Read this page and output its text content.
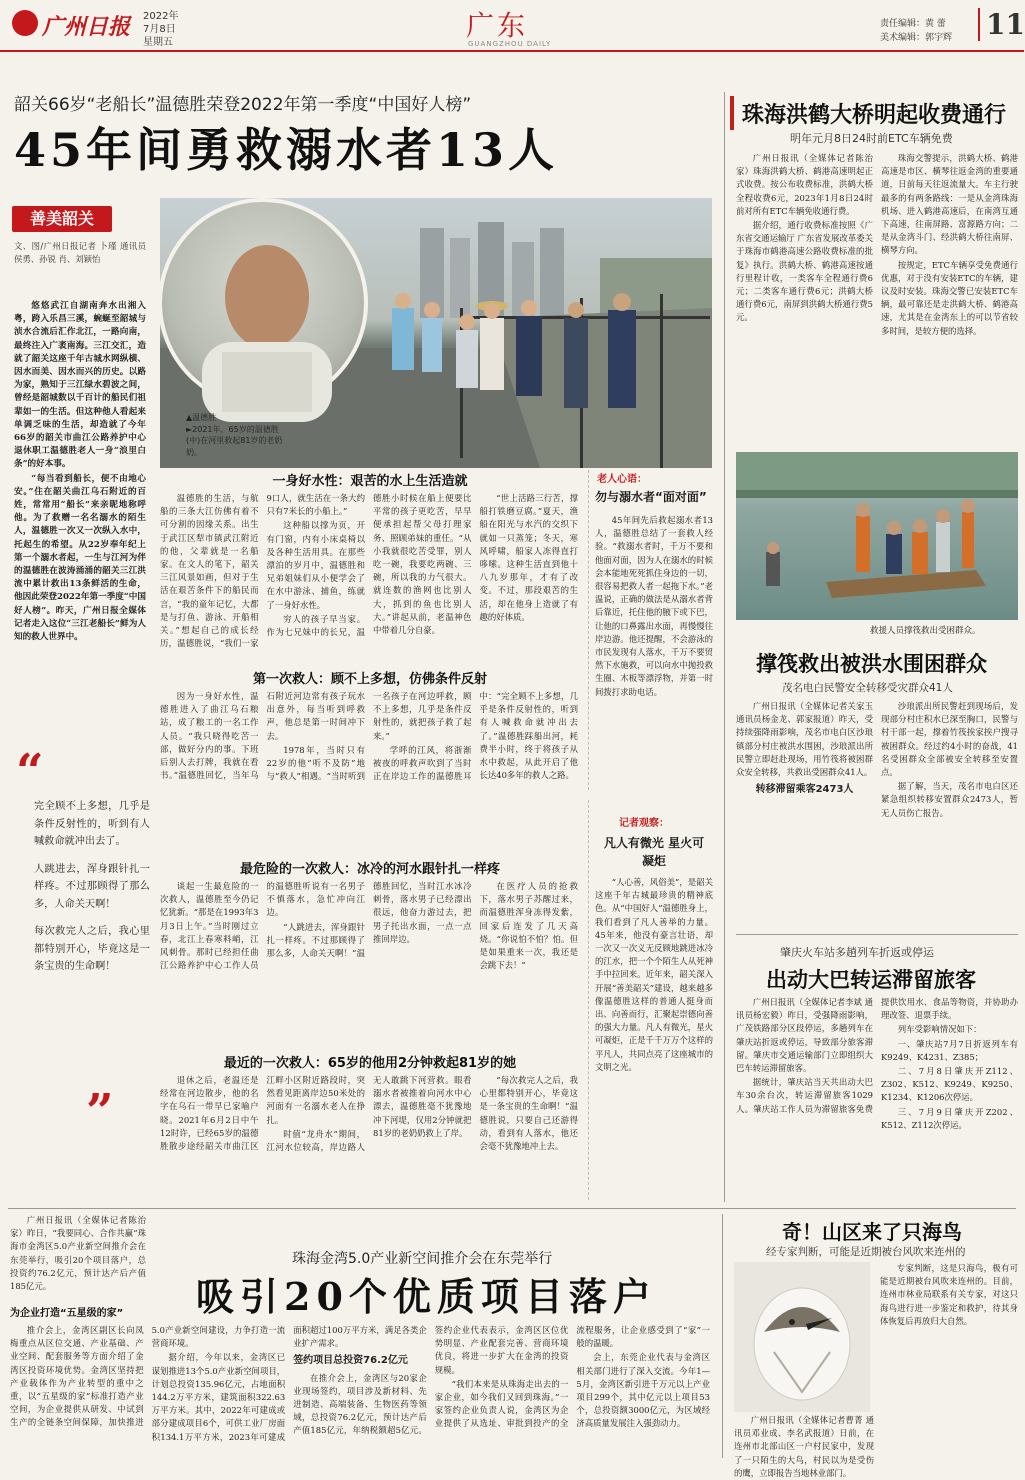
广州日报 2022年
7月8日
星期五
广东
GUANGZHOU DAILY
责任编辑：黄 蕾
美术编辑：郭宇辉 11
韶关66岁“老船长”温德胜荣登2022年第一季度“中国好人榜”
45年间勇救溺水者13人
善美韶关
文、图/广州日报记者 卜瑾 通讯员侯勇、孙锐 肖、刘颖怡

悠悠武江自湖南奔水出湘入粤，跨入乐昌三溪，蜿蜒至韶城与浈水合流后汇作北江，一路向南，最终注入广袤南海。三江交汇，造就了韶关这座千年古城水网纵横、因水而美、因水而兴的历史。以路为家，熟知于三江绿水碧波之间，曾经是韶城数以千百计的船民们祖辈如一的生活。但这种他人看起来单调乏味的生活，却造就了今年66岁的韶关市曲江公路养护中心退休职工温德胜老人一身“浪里白条”的好本事。

“每当看到船长，便不由地心安。”住在韶关曲江乌石附近的百姓，常常用“船长”来亲昵地称呼他。为了救赠一名名溺水的陌生人，温德胜一次又一次纵入水中，托起生的希望。从22岁奉年纪上第一个溺水者起，一生与江河为伴的温德胜在波涛涌涌的韶关三江洪流中累计救出13条鲜活的生命，他因此荣登2022年第一季度“中国好人榜”。昨天，广州日报全媒体记者走入这位“三江老船长”鲜为人知的救人世界中。

“

完全顾不上多想，几乎是条件反射性的，听到有人喊救命就冲出去了。

人跳进去，浑身跟针扎一样疼。不过那顾得了那么多，人命关天啊！

每次救完人之后，我心里都特别开心，毕竟这是一条宝贵的生命啊！

”
▲温德胜
►2021年，65岁的温德胜(中)在河里救起81岁的老奶奶。
一身好水性：艰苦的水上生活造就

温德胜的生活，与航船的三条大江仿佛有着不可分割的因缘关系。出生于武江区犁市镇武江附近的他，父辈就是一名船家。在文人的笔下，韶关三江风景如画，但对于生活在艰苦条件下的船民而言，“我的童年记忆，大都是与打鱼、游泳、开船相关。”想起自己的成长经历，温德胜说，“我们一家9口人，就生活在一条大约只有7米长的小船上。”

这种船以撑为页，开有门窗，内有小床桌椅以及各种生活用具。在那些漂泊的岁月中，温德胜和兄弟姐妹们从小便学会了在水中游泳、捕鱼，练就了一身好水性。

穷人的孩子早当家。作为七兄妹中的长兄，温德胜小时候在船上便要比平常的孩子更吃苦，早早便承担起帮父母打理家务、照顾弟妹的重任。“从小我就很吃苦受罪，别人吃一碗，我要吃两碗、三碗，所以我的力气很大。就连数的渔网也比别人大，抓到的鱼也比别人大。”讲起从前，老温神色中带着几分自豪。

“世上活路三行苦，撑船打铁磨豆腐。”夏天，渔船在阳光与水汽的交织下就如一只蒸笼；冬天，寒风呼啸，船家人冻得直打哆嗦。这种生活直到他十八九岁那年，才有了改变。不过，那段艰苦的生活，却在他身上造就了有趣的好体质。

老人心语：
勿与溺水者“面对面”
45年间先后救起溺水者13人，温德胜总结了一套救人经验。“救溺水者时，千万不要和他面对面，因为人在溺水的时候会本能地死死抓住身边的一切，很容易把救人者一起拖下水。”老温说，正确的做法是从溺水者背后靠近，托住他的腋下或下巴，让他的口鼻露出水面，再慢慢往岸边游。他还提醒，不会游泳的市民发现有人落水，千万不要贸然下水施救，可以向水中抛投救生圈、木板等漂浮物，并第一时间拨打求助电话。
第一次救人：顾不上多想，仿佛条件反射

因为一身好水性，温德胜进入了曲江乌石粮站，成了粮工的一名工作人员。“我只晓得吃苦一部，做好分内的事。下班后别人去打牌，我就在看书。”温德胜回忆，当年乌石附近河边常有孩子玩水出意外，每当听到呼救声，他总是第一时间冲下去。

1978年，当时只有22岁的他“听不及防”地与“救人”相遇。“当时听到一名孩子在河边呼救，顾不上多想，几乎是条件反射性的，就把孩子救了起来。”

学呼的江风，将浙渐被夜的呼救声吹到了当时正在岸边工作的温德胜耳中：“完全顾不上多想，几乎是条件反射性的，听到有人喊救命就冲出去了。”温德胜踩船出河，耗费半小时，终于将孩子从水中救起，从此开启了他长达40多年的救人之路。

记者观察：
凡人有微光 星火可凝炬
“人心善，风俗美”，是韶关这座千年古城最珍贵的精神底色。从“中国好人”温德胜身上，我们看到了凡人善举的力量。45年来，他没有豪言壮语，却一次又一次义无反顾地跳进冰冷的江水，把一个个陌生人从死神手中拉回来。近年来，韶关深入开展“善美韶关”建设，越来越多像温德胜这样的普通人挺身而出、向善而行，汇聚起崇德向善的强大力量。凡人有微光，星火可凝炬，正是千千万万个这样的平凡人，共同点亮了这座城市的文明之光。
最危险的一次救人：冰冷的河水跟针扎一样疼

谈起一生最危险的一次救人，温德胜至今仍记忆犹新。“那是在1993年3月3日上午。”当时刚过立春，北江上春寒料峭，江风刺骨。那时已经担任曲江公路养护中心工作人员的温德胜听说有一名男子不慎落水，急忙冲向江边。

“人跳进去，浑身跟针扎一样疼。不过那顾得了那么多，人命关天啊！”温德胜回忆，当时江水冰冷刺骨，落水男子已经漂出很远，他奋力游过去，把男子托出水面，一点一点推回岸边。

在医疗人员的抢救下，落水男子苏醒过来，而温德胜浑身冻得发紫，回家后连发了几天高烧。“你说怕不怕？怕。但是如果重来一次，我还是会跳下去！”

最近的一次救人：65岁的他用2分钟救起81岁的她

退休之后，老温还是经常在河边散步，他的名字在乌石一带早已家喻户晓。2021年6月2日中午12时许，已经65岁的温德胜散步途经韶关市曲江区江畔小区附近路段时，突然看见距离岸边50米处的河面有一名溺水老人在挣扎。

时值“龙舟水”期间，江河水位较高，岸边路人无人敢跳下河营救。眼看溺水者被推着向河水中心漂去，温德胜毫不犹豫地冲下河堤，仅用2分钟就把81岁的老奶奶救上了岸。

“每次救完人之后，我心里都特别开心，毕竟这是一条宝贵的生命啊！”温德胜说，只要自己还游得动，看到有人落水，他还会毫不犹豫地冲上去。

珠海洪鹤大桥明起收费通行
明年元月8日24时前ETC车辆免费

广州日报讯（全媒体记者陈治家）珠海洪鹤大桥、鹤港高速明起正式收费。按公布收费标准，洪鹤大桥全程收费6元，2023年1月8日24时前对所有ETC车辆免收通行费。

据介绍，通行收费标准按照《广东省交通运输厅 广东省发展改革委关于珠海市鹤港高速公路收费标准的批复》执行。洪鹤大桥、鹤港高速按通行里程计收，一类客车全程通行费6元；二类客车通行费6元；洪鹤大桥通行费6元，南屏到洪鹤大桥通行费5元。

珠海交警提示，洪鹤大桥、鹤港高速是市区、横琴往返金湾的重要通道，日前每天往返流量大。车主行驶最多的有两条路线：一是从金湾珠海机场、进入鹤港高速后，在南湾互通下高速，往南屏路、富源路方向；二是从金湾斗门、经洪鹤大桥往南屏、横琴方向。

按规定，ETC车辆享受免费通行优惠，对于没有安装ETC的车辆，建议及时安装。珠海交警已安装ETC车辆，最可靠还是走洪鹤大桥、鹤港高速，尤其是在金湾东上的可以节省较多时间，是较方便的选择。

救援人员撑筏救出受困群众。
撑筏救出被洪水围困群众
茂名电白民警安全转移受灾群众41人

广州日报讯（全媒体记者关家玉 通讯员杨金龙、郭家报道）昨天，受持续强降雨影响，茂名市电白区沙琅镇部分村庄被洪水围困，沙琅派出所民警立即赶赴现场，用竹筏将被困群众安全转移，共救出受困群众41人。

转移滞留乘客2473人

沙琅派出所民警赶到现场后，发现部分村庄积水已深至胸口，民警与村干部一起，撑着竹筏挨家挨户搜寻被困群众。经过约4小时的奋战，41名受困群众全部被安全转移至安置点。

据了解，当天，茂名市电白区还紧急组织转移安置群众2473人，暂无人员伤亡报告。

肇庆火车站多趟列车折返或停运
出动大巴转运滞留旅客

广州日报讯（全媒体记者李斌 通讯员杨宏毅）昨日，受强降雨影响，广茂铁路部分区段停运，多趟列车在肇庆站折返或停运，导致部分旅客滞留。肇庆市交通运输部门立即组织大巴车转运滞留旅客。

据统计，肇庆站当天共出动大巴车30余台次，转运滞留旅客1029人。肇庆站工作人员为滞留旅客免费提供饮用水、食品等物资，并协助办理改签、退票手续。

列车受影响情况如下：

一、肇庆站7月7日折返列车有K9249、K4231、Z385；

二、7月8日肇庆开Z112、Z302、K512、K9249、K9250、K1234、K1206次停运。

三、7月9日肇庆开Z202、K512、Z112次停运。

广州日报讯（全媒体记者陈治家）昨日，“我要同心、合作共赢”珠海市金湾区5.0产业新空间推介会在东莞举行，吸引20个项目落户，总投资约76.2亿元，预计达产后产值185亿元。
为企业打造“五星级的家”
珠海金湾5.0产业新空间推介会在东莞举行
吸引20个优质项目落户

推介会上，金湾区副区长向凤梅重点从区位交通、产业基础、产业空间、配套服务等方面介绍了金湾区投资环境优势。金湾区坚持把产业载体作为产业转型的重中之重，以“五星级的家”标准打造产业空间，为企业提供从研发、中试到生产的全链条空间保障，加快推进5.0产业新空间建设，力争打造一流营商环境。

据介绍，今年以来，金湾区已谋划推进13个5.0产业新空间项目，计划总投资135.96亿元，占地面积144.2万平方米，建筑面积322.63万平方米。其中，2022年可建成或部分建成项目6个，可供工业厂房面积134.1万平方米，2023年可建成面积超过100万平方米，满足各类企业扩产需求。

签约项目总投资76.2亿元

在推介会上，金湾区与20家企业现场签约，项目涉及新材料、先进制造、高端装备、生物医药等领域，总投资76.2亿元，预计达产后产值185亿元，年纳税额超5亿元。签约企业代表表示，金湾区区位优势明显、产业配套完善、营商环境优良，将进一步扩大在金湾的投资规模。

“我们本来是从珠海走出去的一家企业，如今我们又回到珠海。”一家签约企业负责人说，金湾区为企业提供了从选址、审批到投产的全流程服务，让企业感受到了“家”一般的温暖。

会上，东莞企业代表与金湾区相关部门进行了深入交流。今年1—5月，金湾区新引进千万元以上产业项目299个，其中亿元以上项目53个，总投资额3000亿元，为区域经济高质量发展注入强劲动力。

奇！山区来了只海鸟
经专家判断，可能是近期被台风吹来连州的
广州日报讯（全媒体记者曹菁 通讯员邓业成、李名武报道）日前，在连州市北部山区一户村民家中，发现了一只陌生的大鸟，村民以为是受伤的鹰，立即报告当地林业部门。
专家判断，这是只海鸟，极有可能是近期被台风吹来连州的。目前，连州市林业局联系有关专家，对这只海鸟进行进一步鉴定和救护，待其身体恢复后再放归大自然。
